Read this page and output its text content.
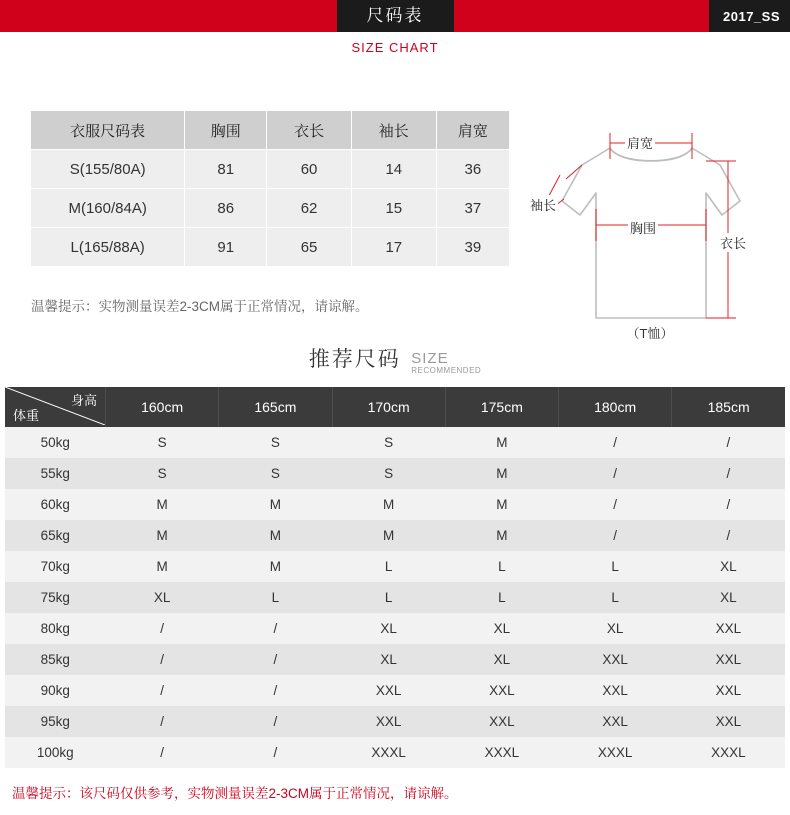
尺码表	2017_SS
SIZE CHART
衣服尺码表	胸围	衣长	袖长	肩宽
S(155/80A)	81	60	14	36
M(160/84A)	86	62	15	37
L(165/88A)	91	65	17	39
温馨提示：实物测量误差2-3CM属于正常情况，请谅解。
肩宽
袖长
胸围
衣长
（T恤）
推荐尺码 SIZE
RECOMMENDED
身高
体重	160cm	165cm	170cm	175cm	180cm	185cm
50kg	S	S	S	M	/	/
55kg	S	S	S	M	/	/
60kg	M	M	M	M	/	/
65kg	M	M	M	M	/	/
70kg	M	M	L	L	L	XL
75kg	XL	L	L	L	L	XL
80kg	/	/	XL	XL	XL	XXL
85kg	/	/	XL	XL	XXL	XXL
90kg	/	/	XXL	XXL	XXL	XXL
95kg	/	/	XXL	XXL	XXL	XXL
100kg	/	/	XXXL	XXXL	XXXL	XXXL
温馨提示：该尺码仅供参考，实物测量误差2-3CM属于正常情况，请谅解。
